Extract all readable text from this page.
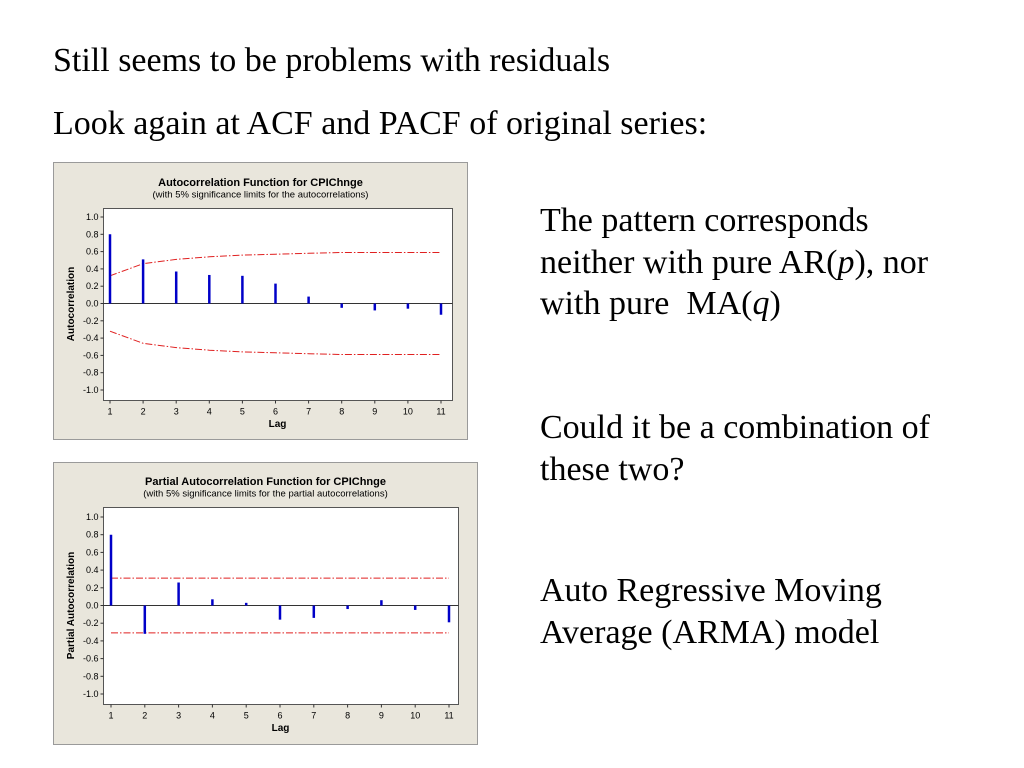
Still seems to be problems with residuals
Look again at ACF and PACF of original series:
The pattern corresponds
neither with pure AR(p), nor
with pure  MA(q)
Could it be a combination of
these two?
Auto Regressive Moving
Average (ARMA) model
Autocorrelation Function for CPIChnge
(with 5% significance limits for the autocorrelations)
1.0
0.8
0.6
0.4
0.2
0.0
-0.2
-0.4
-0.6
-0.8
-1.0
1	2	3	4	5	6	7	8	9	10	11
Autocorrelation
Lag
Partial Autocorrelation Function for CPIChnge
(with 5% significance limits for the partial autocorrelations)
1.0
0.8
0.6
0.4
0.2
0.0
-0.2
-0.4
-0.6
-0.8
-1.0
1	2	3	4	5	6	7	8	9	10	11
Partial Autocorrelation
Lag
